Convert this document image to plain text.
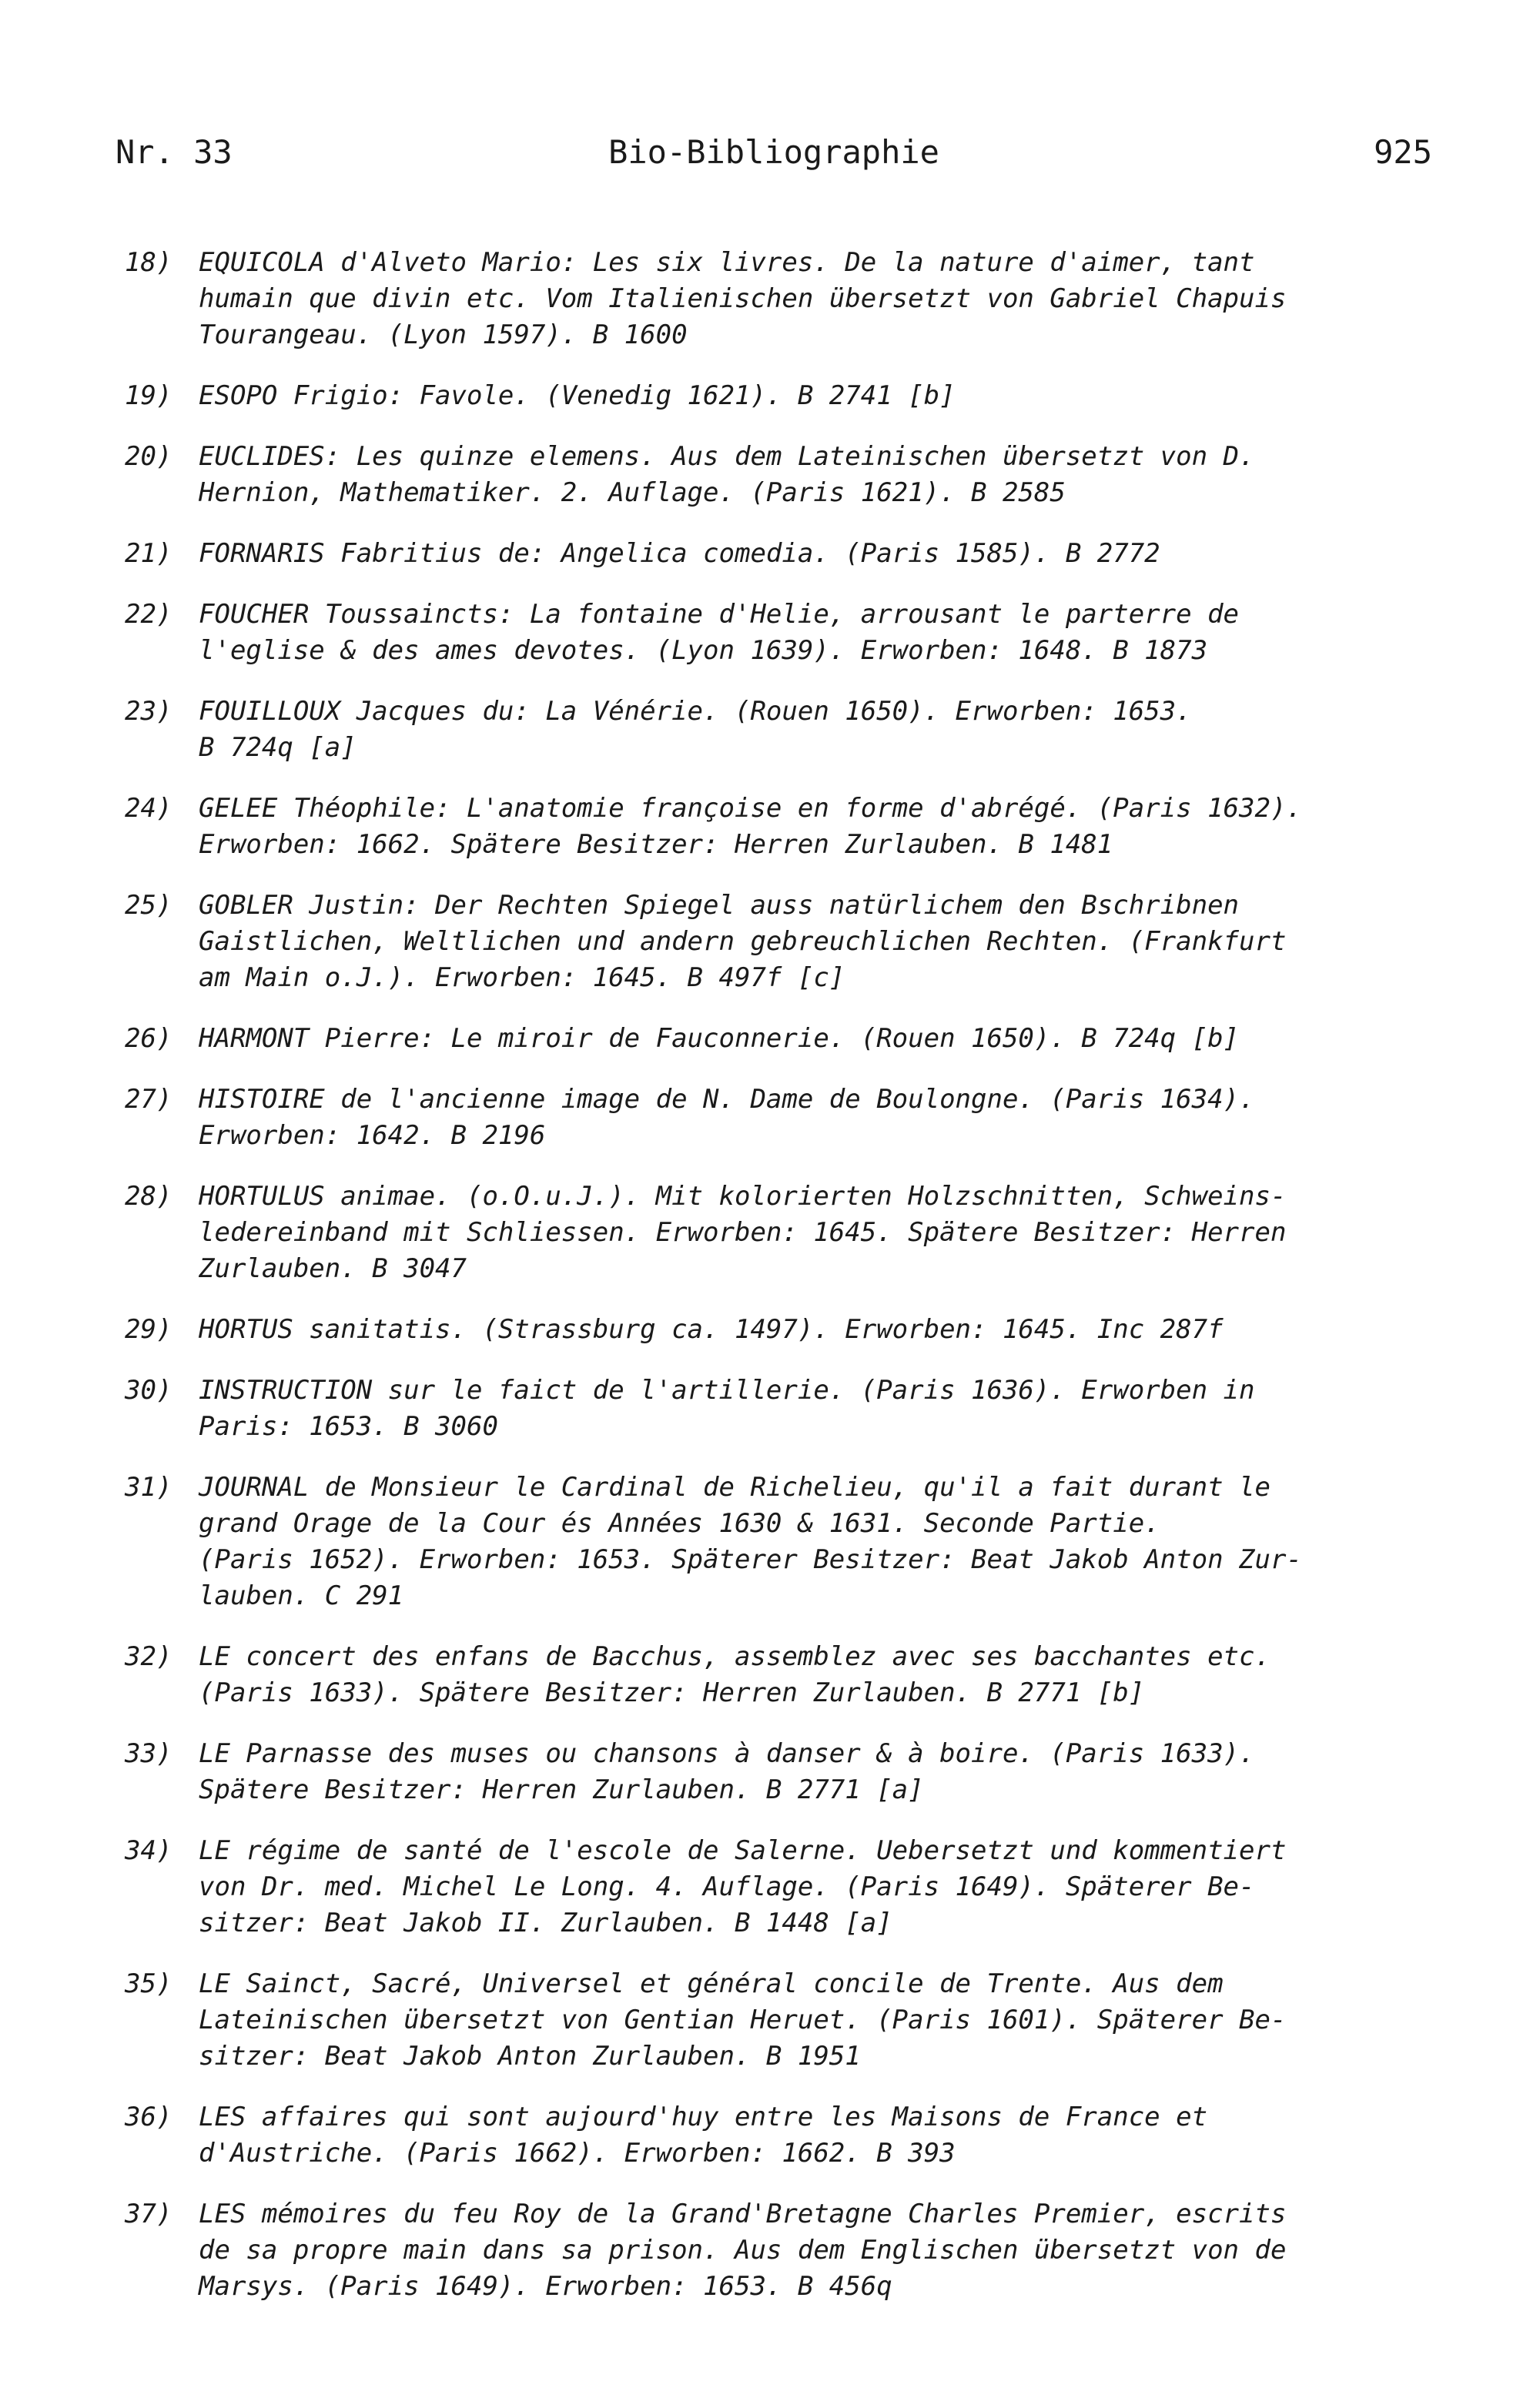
Nr. 33	Bio-Bibliographie	925
18) EQUICOLA d'Alveto Mario: Les six livres. De la nature d'aimer, tant
humain que divin etc. Vom Italienischen übersetzt von Gabriel Chapuis
Tourangeau. (Lyon 1597). B 1600
19) ESOPO Frigio: Favole. (Venedig 1621). B 2741 [b]
20) EUCLIDES: Les quinze elemens. Aus dem Lateinischen übersetzt von D.
Hernion, Mathematiker. 2. Auflage. (Paris 1621). B 2585
21) FORNARIS Fabritius de: Angelica comedia. (Paris 1585). B 2772
22) FOUCHER Toussaincts: La fontaine d'Helie, arrousant le parterre de
l'eglise & des ames devotes. (Lyon 1639). Erworben: 1648. B 1873
23) FOUILLOUX Jacques du: La Vénérie. (Rouen 1650). Erworben: 1653.
B 724q [a]
24) GELEE Théophile: L'anatomie françoise en forme d'abrégé. (Paris 1632).
Erworben: 1662. Spätere Besitzer: Herren Zurlauben. B 1481
25) GOBLER Justin: Der Rechten Spiegel auss natürlichem den Bschribnen
Gaistlichen, Weltlichen und andern gebreuchlichen Rechten. (Frankfurt
am Main o.J.). Erworben: 1645. B 497f [c]
26) HARMONT Pierre: Le miroir de Fauconnerie. (Rouen 1650). B 724q [b]
27) HISTOIRE de l'ancienne image de N. Dame de Boulongne. (Paris 1634).
Erworben: 1642. B 2196
28) HORTULUS animae. (o.O.u.J.). Mit kolorierten Holzschnitten, Schweins-
ledereinband mit Schliessen. Erworben: 1645. Spätere Besitzer: Herren
Zurlauben. B 3047
29) HORTUS sanitatis. (Strassburg ca. 1497). Erworben: 1645. Inc 287f
30) INSTRUCTION sur le faict de l'artillerie. (Paris 1636). Erworben in
Paris: 1653. B 3060
31) JOURNAL de Monsieur le Cardinal de Richelieu, qu'il a fait durant le
grand Orage de la Cour és Années 1630 & 1631. Seconde Partie.
(Paris 1652). Erworben: 1653. Späterer Besitzer: Beat Jakob Anton Zur-
lauben. C 291
32) LE concert des enfans de Bacchus, assemblez avec ses bacchantes etc.
(Paris 1633). Spätere Besitzer: Herren Zurlauben. B 2771 [b]
33) LE Parnasse des muses ou chansons à danser & à boire. (Paris 1633).
Spätere Besitzer: Herren Zurlauben. B 2771 [a]
34) LE régime de santé de l'escole de Salerne. Uebersetzt und kommentiert
von Dr. med. Michel Le Long. 4. Auflage. (Paris 1649). Späterer Be-
sitzer: Beat Jakob II. Zurlauben. B 1448 [a]
35) LE Sainct, Sacré, Universel et général concile de Trente. Aus dem
Lateinischen übersetzt von Gentian Heruet. (Paris 1601). Späterer Be-
sitzer: Beat Jakob Anton Zurlauben. B 1951
36) LES affaires qui sont aujourd'huy entre les Maisons de France et
d'Austriche. (Paris 1662). Erworben: 1662. B 393
37) LES mémoires du feu Roy de la Grand'Bretagne Charles Premier, escrits
de sa propre main dans sa prison. Aus dem Englischen übersetzt von de
Marsys. (Paris 1649). Erworben: 1653. B 456q
